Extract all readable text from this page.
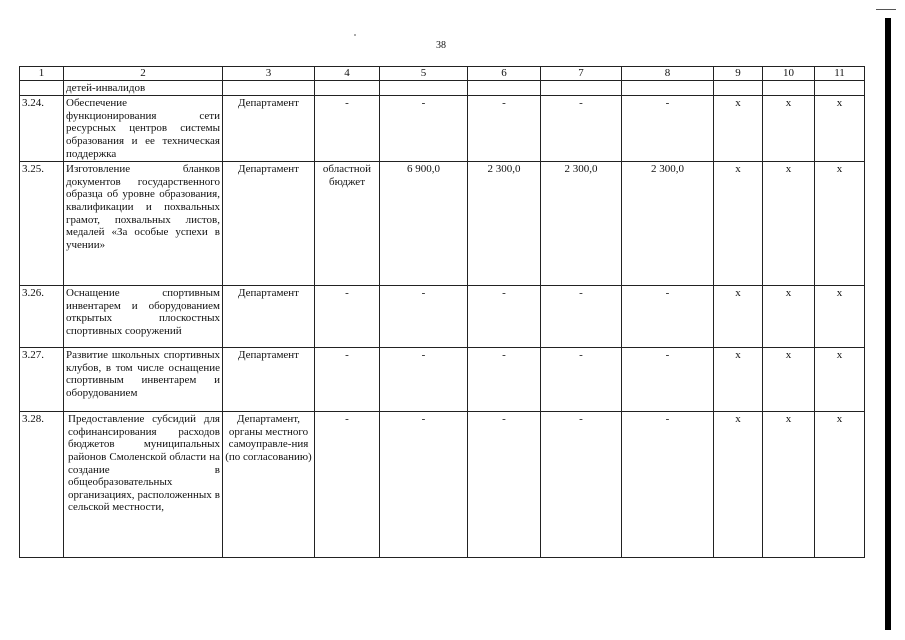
38
1	2	3	4	5	6	7	8	9	10	11
	детей-инвалидов									
3.24.	Обеспечение функционирования сети ресурсных центров системы образования и ее техническая поддержка	Департамент	-	-	-	-	-	х	х	х
3.25.	Изготовление бланков документов государственного образца об уровне образования, квалификации и похвальных грамот, похвальных листов, медалей «За особые успехи в учении»	Департамент	областной бюджет	6 900,0	2 300,0	2 300,0	2 300,0	х	х	х
3.26.	Оснащение спортивным инвентарем и оборудованием открытых плоскостных спортивных сооружений	Департамент	-	-	-	-	-	х	х	х
3.27.	Развитие школьных спортивных клубов, в том числе оснащение спортивным инвентарем и оборудованием	Департамент	-	-	-	-	-	х	х	х
3.28.	Предоставление субсидий для софинансирования расходов бюджетов муниципальных районов Смоленской области на создание в общеобразовательных организациях, расположенных в сельской местности,	Департамент, органы местного самоуправле-ния (по согласованию)	-	-	-	-	-	х	х	х
